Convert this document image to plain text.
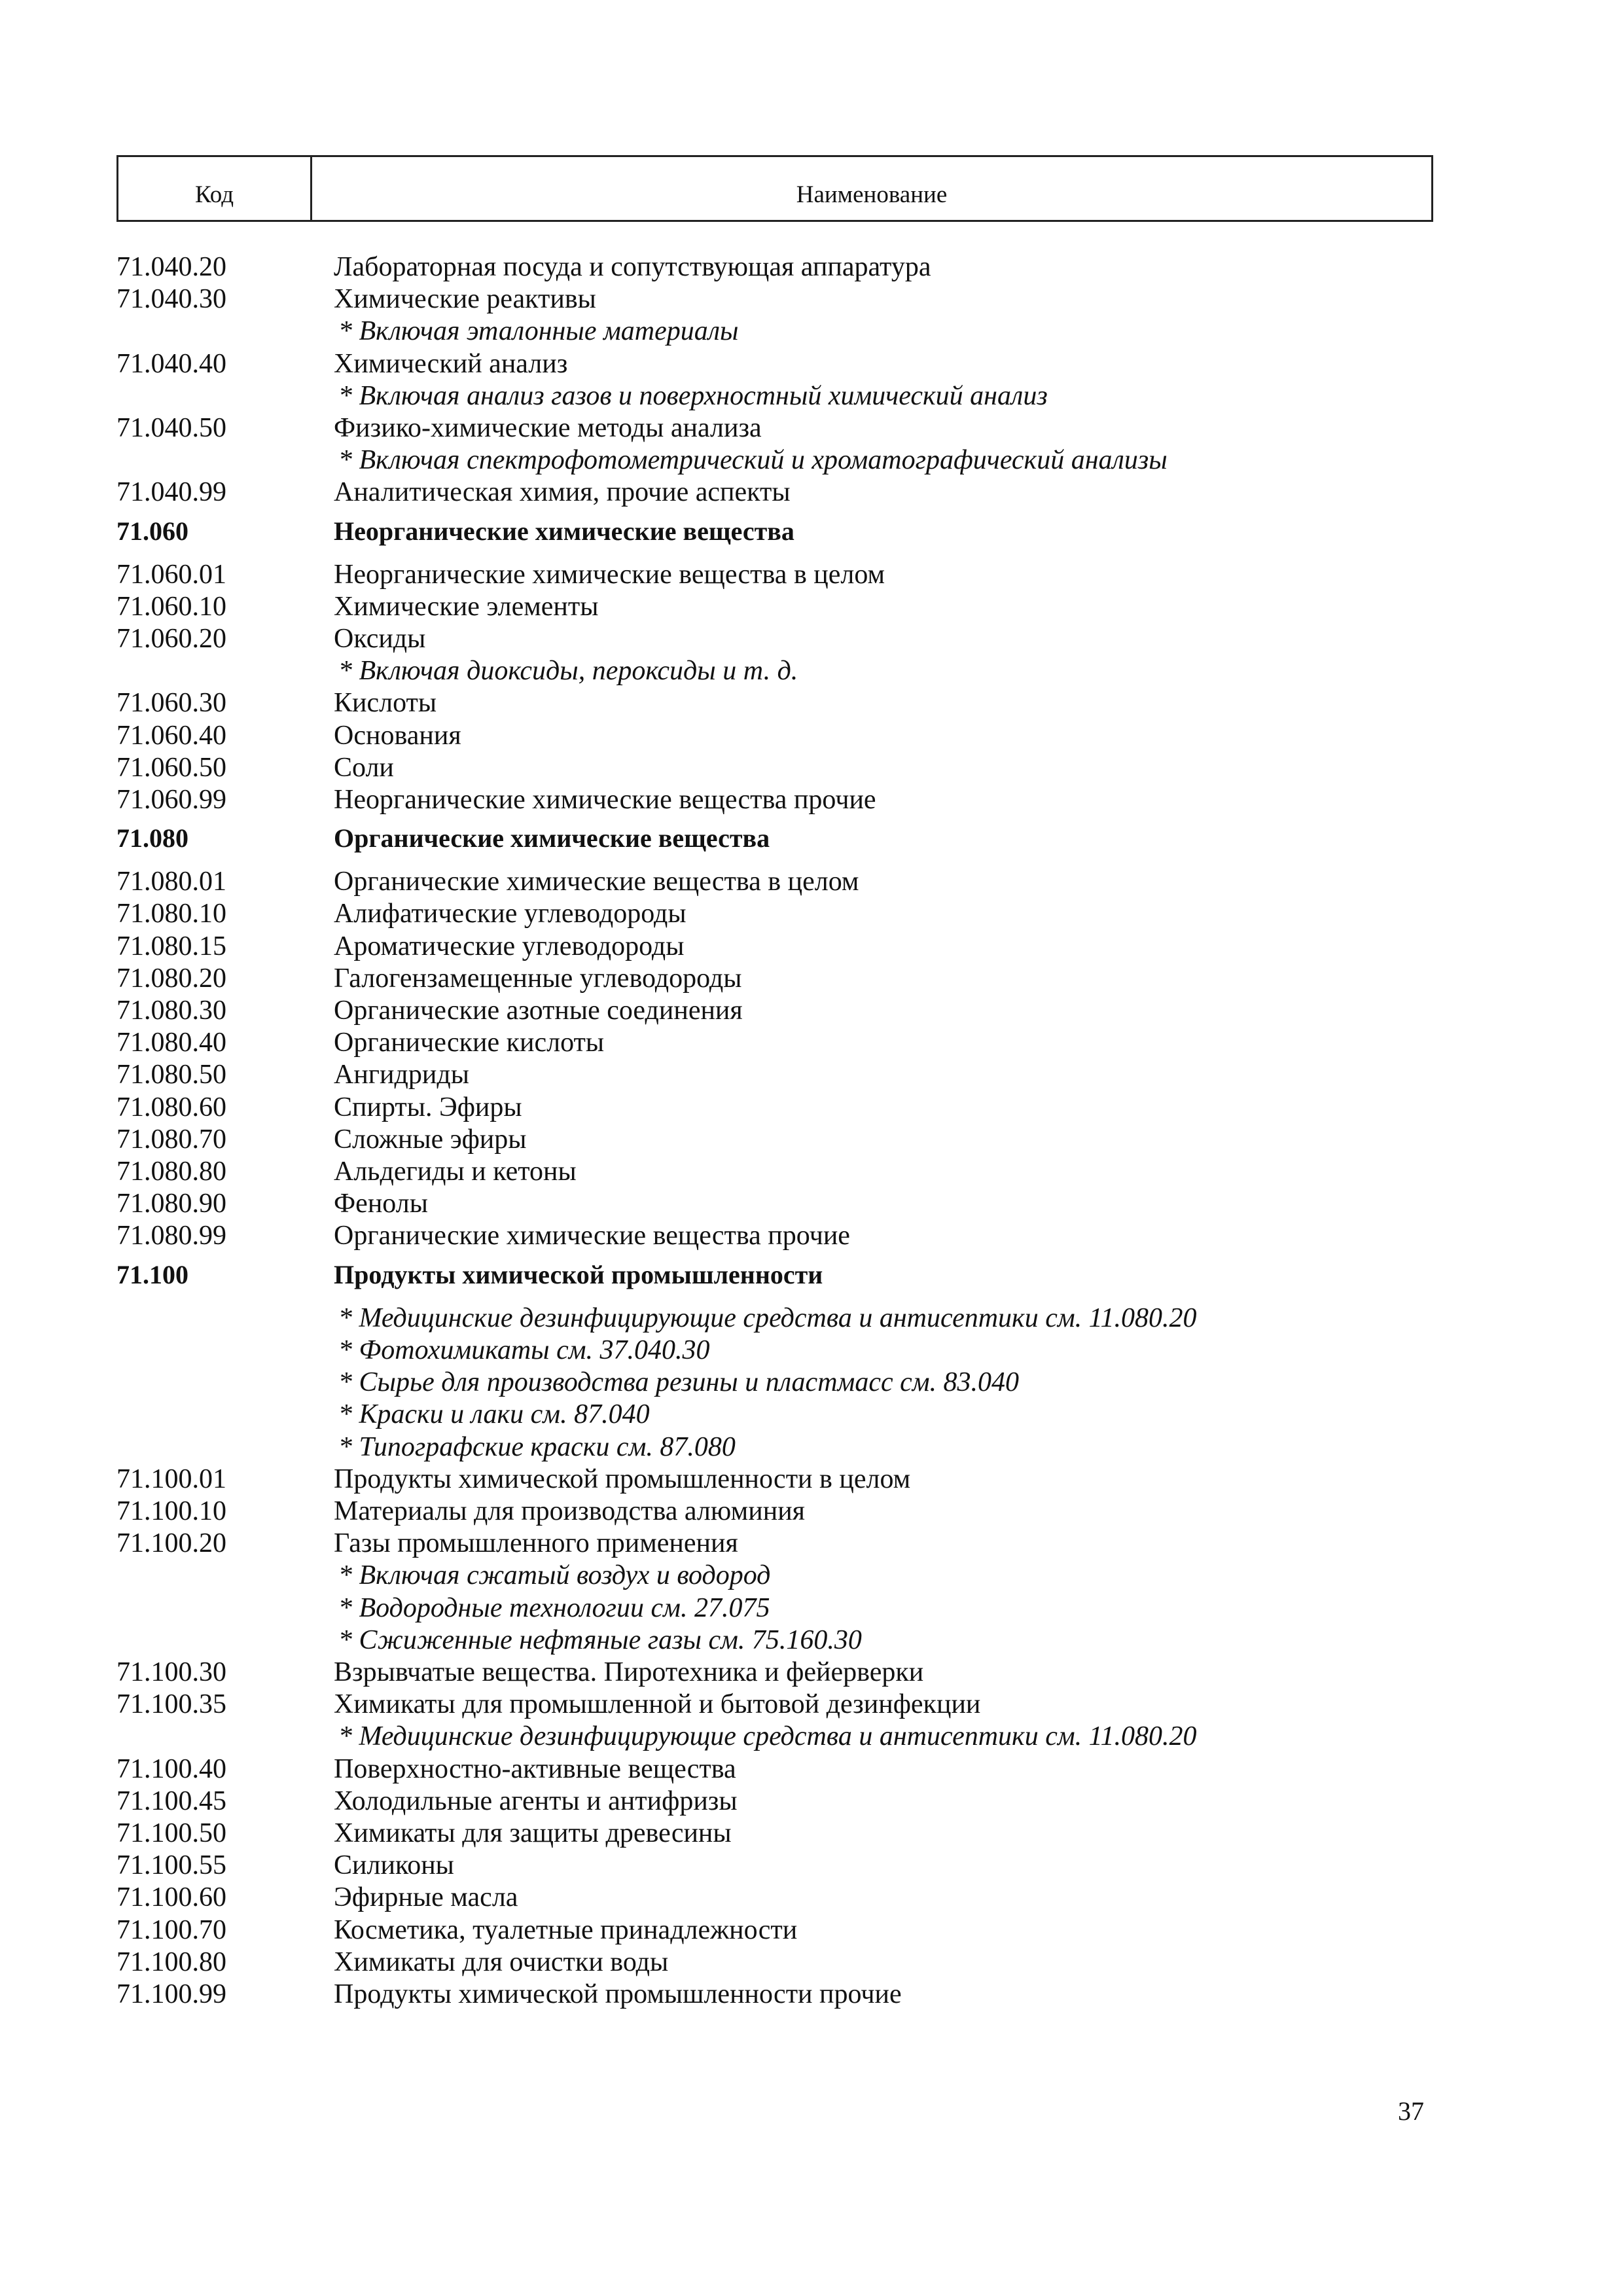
Код	Наименование
71.040.20	Лабораторная посуда и сопутствующая аппаратура
71.040.30	Химические реактивы
* Включая эталонные материалы
71.040.40	Химический анализ
* Включая анализ газов и поверхностный химический анализ
71.040.50	Физико-химические методы анализа
* Включая спектрофотометрический и хроматографический анализы
71.040.99	Аналитическая химия, прочие аспекты
71.060	Неорганические химические вещества
71.060.01	Неорганические химические вещества в целом
71.060.10	Химические элементы
71.060.20	Оксиды
* Включая диоксиды, пероксиды и т. д.
71.060.30	Кислоты
71.060.40	Основания
71.060.50	Соли
71.060.99	Неорганические химические вещества прочие
71.080	Органические химические вещества
71.080.01	Органические химические вещества в целом
71.080.10	Алифатические углеводороды
71.080.15	Ароматические углеводороды
71.080.20	Галогензамещенные углеводороды
71.080.30	Органические азотные соединения
71.080.40	Органические кислоты
71.080.50	Ангидриды
71.080.60	Спирты. Эфиры
71.080.70	Сложные эфиры
71.080.80	Альдегиды и кетоны
71.080.90	Фенолы
71.080.99	Органические химические вещества прочие
71.100	Продукты химической промышленности
* Медицинские дезинфицирующие средства и антисептики см. 11.080.20
* Фотохимикаты см. 37.040.30
* Сырье для производства резины и пластмасс см. 83.040
* Краски и лаки см. 87.040
* Типографские краски см. 87.080
71.100.01	Продукты химической промышленности в целом
71.100.10	Материалы для производства алюминия
71.100.20	Газы промышленного применения
* Включая сжатый воздух и водород
* Водородные технологии см. 27.075
* Сжиженные нефтяные газы см. 75.160.30
71.100.30	Взрывчатые вещества. Пиротехника и фейерверки
71.100.35	Химикаты для промышленной и бытовой дезинфекции
* Медицинские дезинфицирующие средства и антисептики см. 11.080.20
71.100.40	Поверхностно-активные вещества
71.100.45	Холодильные агенты и антифризы
71.100.50	Химикаты для защиты древесины
71.100.55	Силиконы
71.100.60	Эфирные масла
71.100.70	Косметика, туалетные принадлежности
71.100.80	Химикаты для очистки воды
71.100.99	Продукты химической промышленности прочие
37
